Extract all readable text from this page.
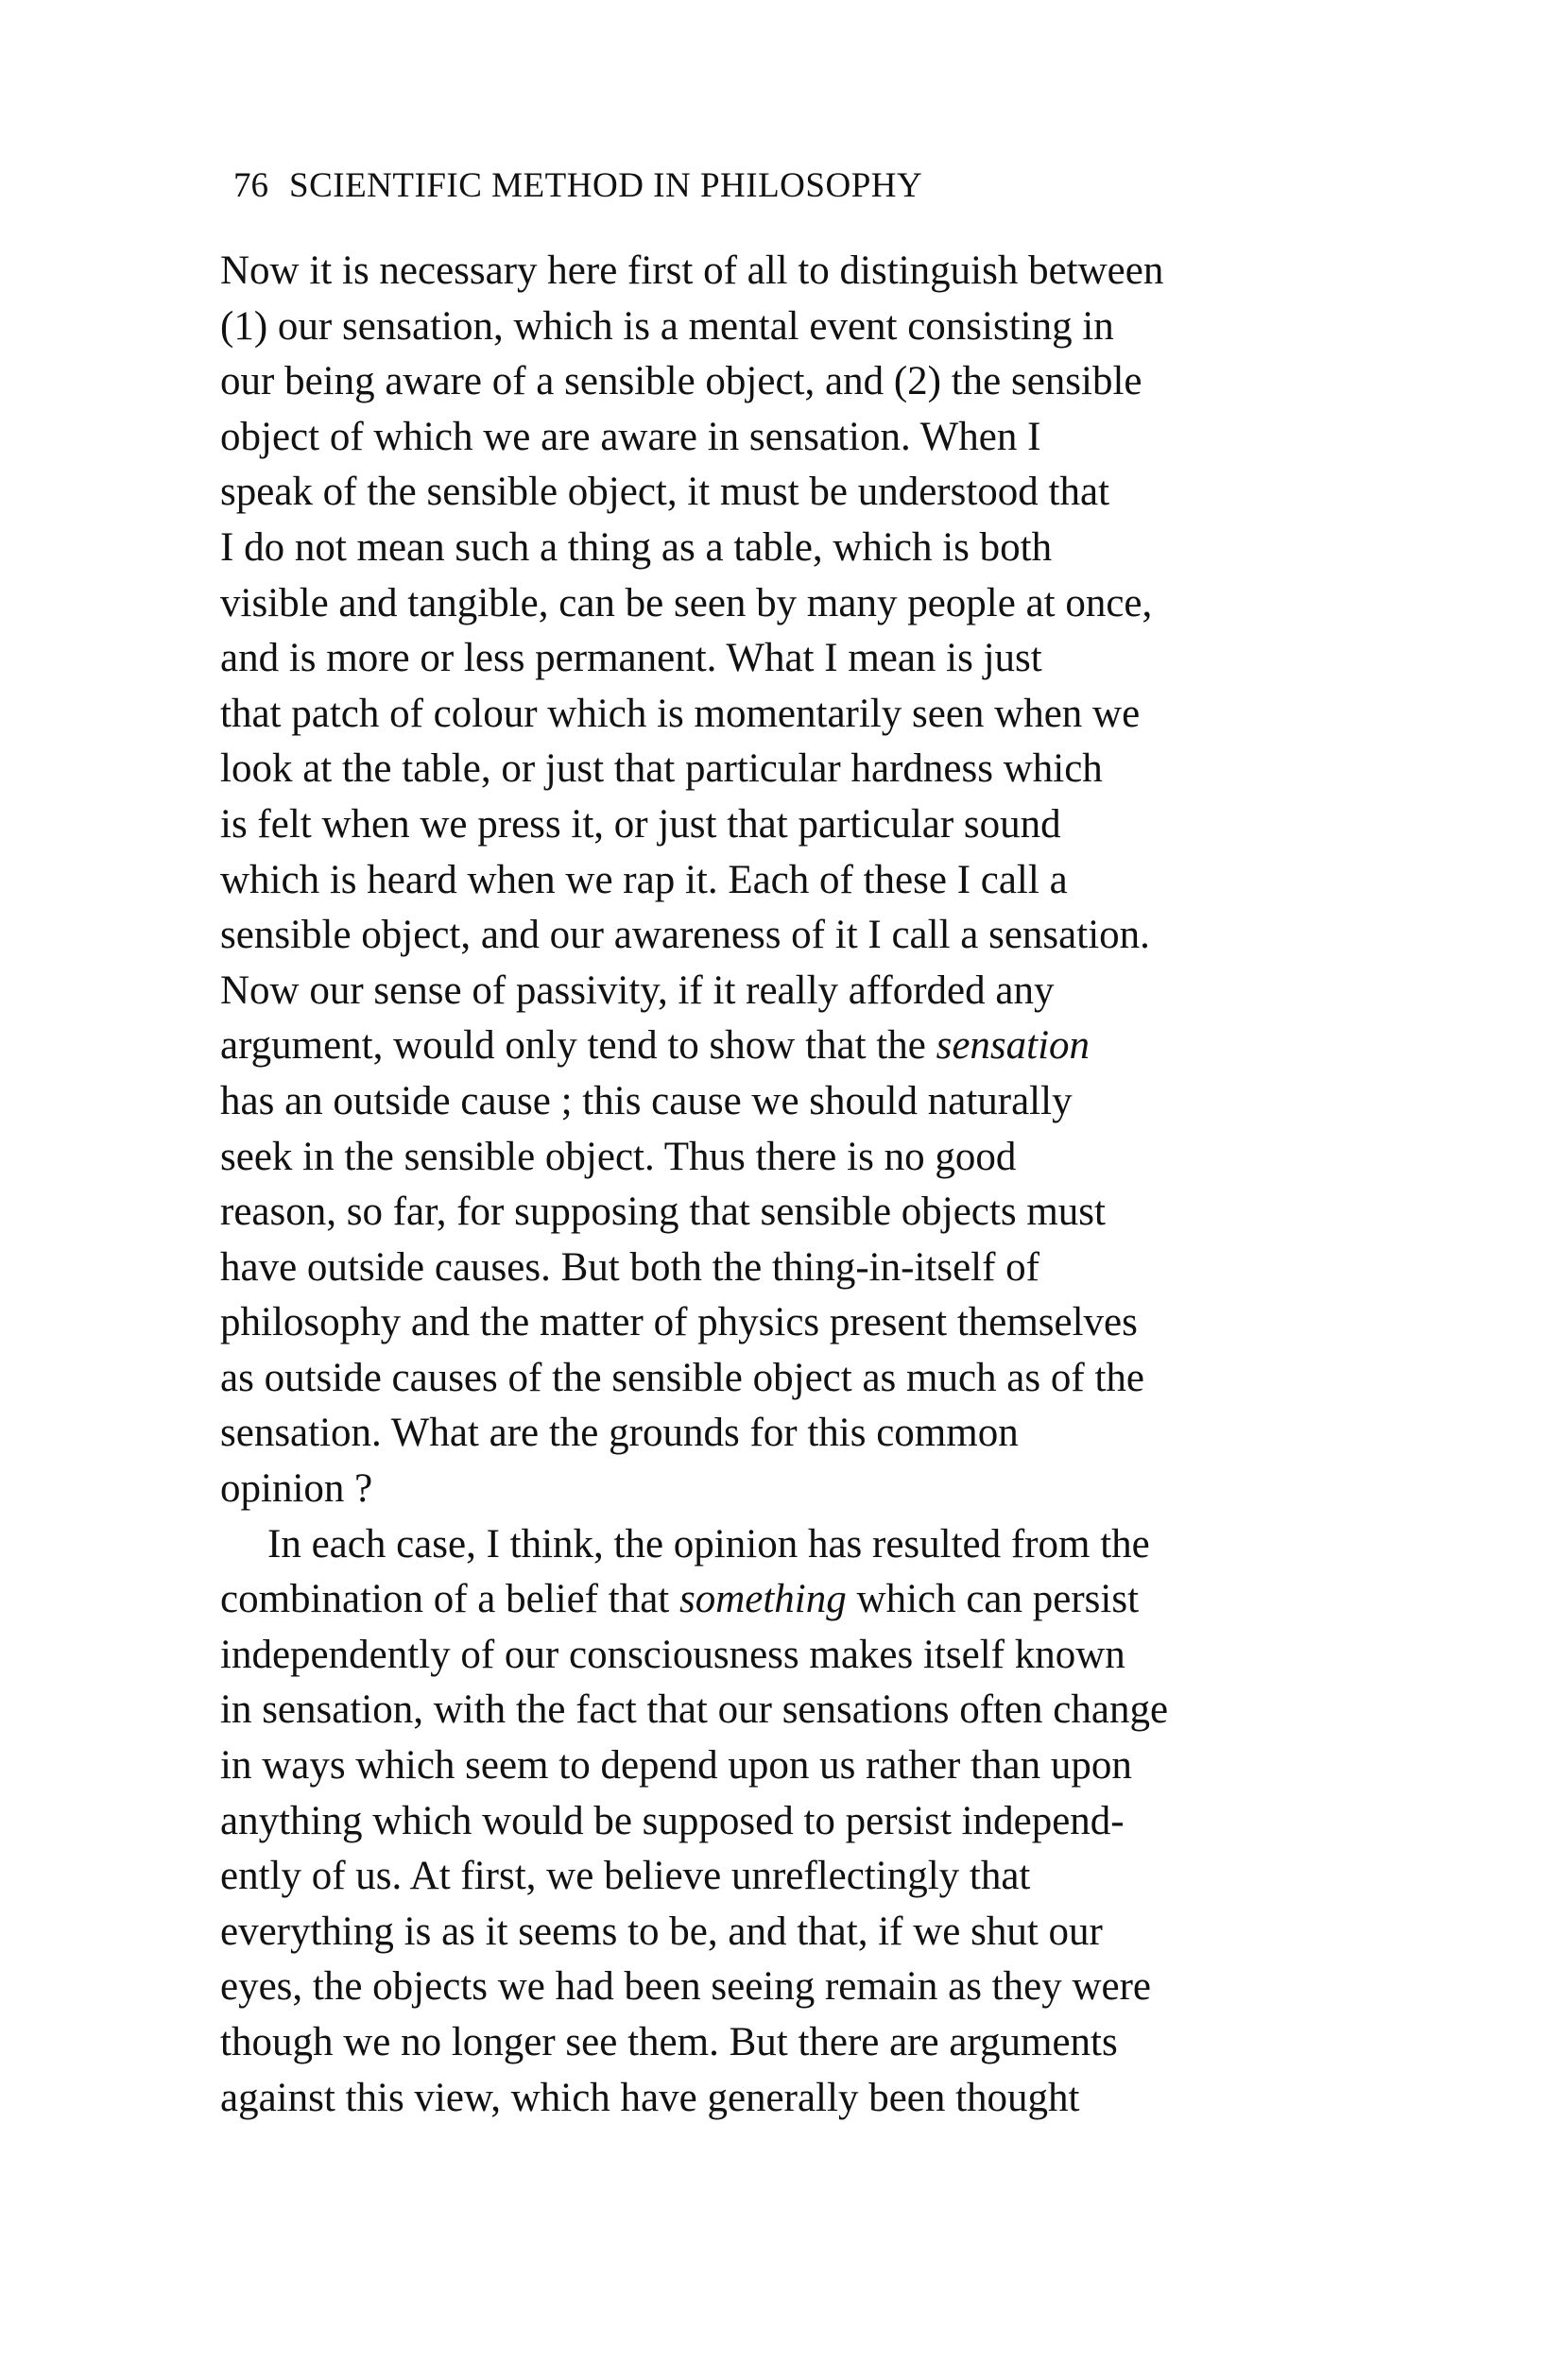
76 SCIENTIFIC METHOD IN PHILOSOPHY
Now it is necessary here first of all to distinguish between
(1) our sensation, which is a mental event consisting in
our being aware of a sensible object, and (2) the sensible
object of which we are aware in sensation. When I
speak of the sensible object, it must be understood that
I do not mean such a thing as a table, which is both
visible and tangible, can be seen by many people at once,
and is more or less permanent. What I mean is just
that patch of colour which is momentarily seen when we
look at the table, or just that particular hardness which
is felt when we press it, or just that particular sound
which is heard when we rap it. Each of these I call a
sensible object, and our awareness of it I call a sensation.
Now our sense of passivity, if it really afforded any
argument, would only tend to show that the sensation
has an outside cause ; this cause we should naturally
seek in the sensible object. Thus there is no good
reason, so far, for supposing that sensible objects must
have outside causes. But both the thing-in-itself of
philosophy and the matter of physics present themselves
as outside causes of the sensible object as much as of the
sensation. What are the grounds for this common
opinion ?
In each case, I think, the opinion has resulted from the
combination of a belief that something which can persist
independently of our consciousness makes itself known
in sensation, with the fact that our sensations often change
in ways which seem to depend upon us rather than upon
anything which would be supposed to persist independ-
ently of us. At first, we believe unreflectingly that
everything is as it seems to be, and that, if we shut our
eyes, the objects we had been seeing remain as they were
though we no longer see them. But there are arguments
against this view, which have generally been thought
